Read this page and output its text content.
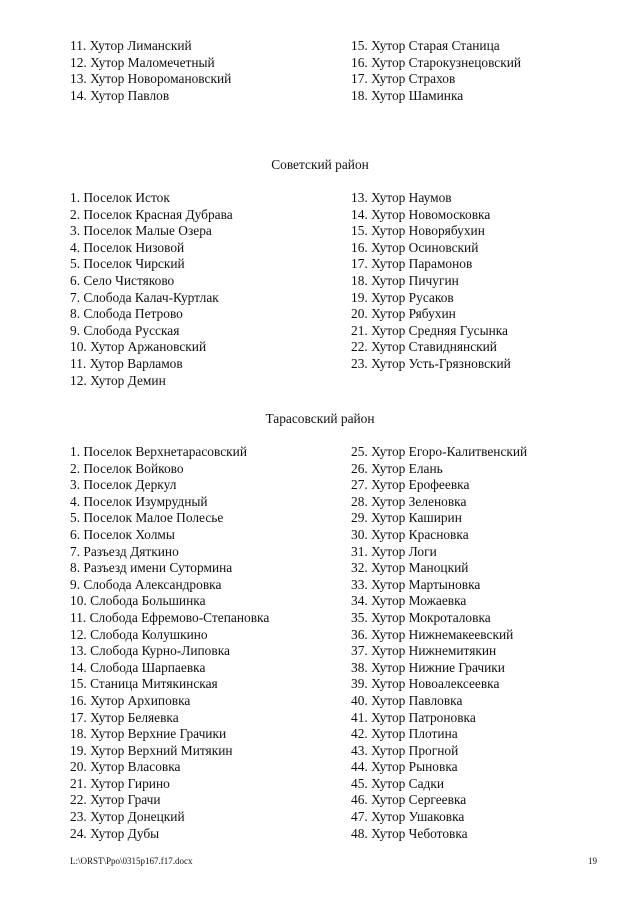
11. Хутор Лиманский
12. Хутор Маломечетный
13. Хутор Новоромановский
14. Хутор Павлов
15. Хутор Старая Станица
16. Хутор Старокузнецовский
17. Хутор Страхов
18. Хутор Шаминка
Советский район
1. Поселок Исток
2. Поселок Красная Дубрава
3. Поселок Малые Озера
4. Поселок Низовой
5. Поселок Чирский
6. Село Чистяково
7. Слобода Калач-Куртлак
8. Слобода Петрово
9. Слобода Русская
10. Хутор Аржановский
11. Хутор Варламов
12. Хутор Демин
13. Хутор Наумов
14. Хутор Новомосковка
15. Хутор Новорябухин
16. Хутор Осиновский
17. Хутор Парамонов
18. Хутор Пичугин
19. Хутор Русаков
20. Хутор Рябухин
21. Хутор Средняя Гусынка
22. Хутор Ставиднянский
23. Хутор Усть-Грязновский
Тарасовский район
1. Поселок Верхнетарасовский
2. Поселок Войково
3. Поселок Деркул
4. Поселок Изумрудный
5. Поселок Малое Полесье
6. Поселок Холмы
7. Разъезд Дяткино
8. Разъезд имени Сутормина
9. Слобода Александровка
10. Слобода Большинка
11. Слобода Ефремово-Степановка
12. Слобода Колушкино
13. Слобода Курно-Липовка
14. Слобода Шарпаевка
15. Станица Митякинская
16. Хутор Архиповка
17. Хутор Беляевка
18. Хутор Верхние Грачики
19. Хутор Верхний Митякин
20. Хутор Власовка
21. Хутор Гирино
22. Хутор Грачи
23. Хутор Донецкий
24. Хутор Дубы
25. Хутор Егоро-Калитвенский
26. Хутор Елань
27. Хутор Ерофеевка
28. Хутор Зеленовка
29. Хутор Каширин
30. Хутор Красновка
31. Хутор Логи
32. Хутор Маноцкий
33. Хутор Мартыновка
34. Хутор Можаевка
35. Хутор Мокроталовка
36. Хутор Нижнемакеевский
37. Хутор Нижнемитякин
38. Хутор Нижние Грачики
39. Хутор Новоалексеевка
40. Хутор Павловка
41. Хутор Патроновка
42. Хутор Плотина
43. Хутор Прогной
44. Хутор Рыновка
45. Хутор Садки
46. Хутор Сергеевка
47. Хутор Ушаковка
48. Хутор Чеботовка
L:\ORST\Ppo\0315p167.f17.docx	19
